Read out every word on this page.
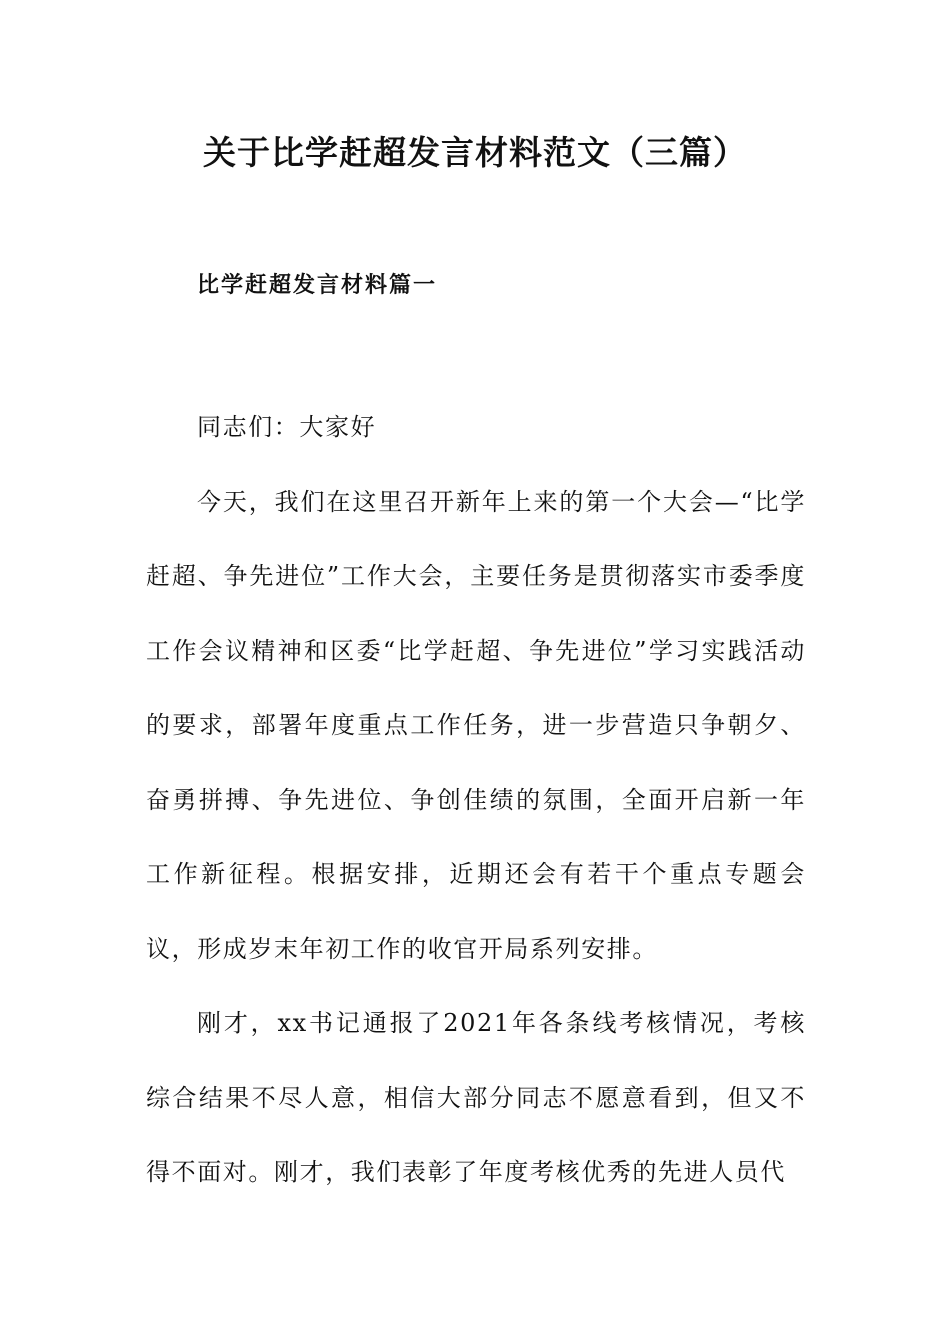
关于比学赶超发言材料范文（三篇）
比学赶超发言材料篇一

同志们：大家好

今天，我们在这里召开新年上来的第一个大会—“比学赶超、争先进位”工作大会，主要任务是贯彻落实市委季度工作会议精神和区委“比学赶超、争先进位”学习实践活动的要求，部署年度重点工作任务，进一步营造只争朝夕、奋勇拼搏、争先进位、争创佳绩的氛围，全面开启新一年工作新征程。根据安排，近期还会有若干个重点专题会议，形成岁末年初工作的收官开局系列安排。

刚才，xx书记通报了2021年各条线考核情况，考核综合结果不尽人意，相信大部分同志不愿意看到，但又不得不面对。刚才，我们表彰了年度考核优秀的先进人员代
